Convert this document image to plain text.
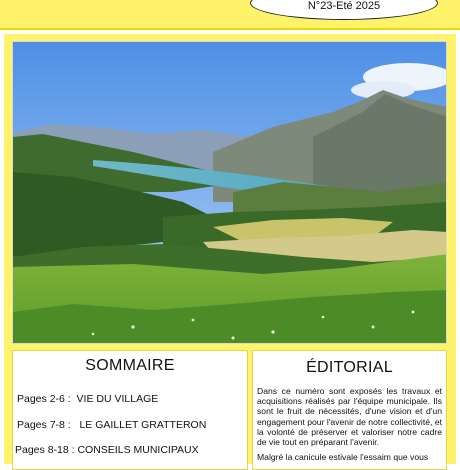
N°23-Eté 2025
SOMMAIRE
Pages 2-6 : VIE DU VILLAGE
Pages 7-8 : LE GAILLET GRATTERON
Pages 8-18 : CONSEILS MUNICIPAUX
ÉDITORIAL

Dans ce numéro sont exposés les travaux et acquisitions réalisés par l'équipe municipale. Ils sont le fruit de nécessités, d'une vision et d'un engagement pour l'avenir de notre collectivité, et la volonté de préserver et valoriser notre cadre de vie tout en préparant l'avenir.

Malgré la canicule estivale l'essaim que vous
